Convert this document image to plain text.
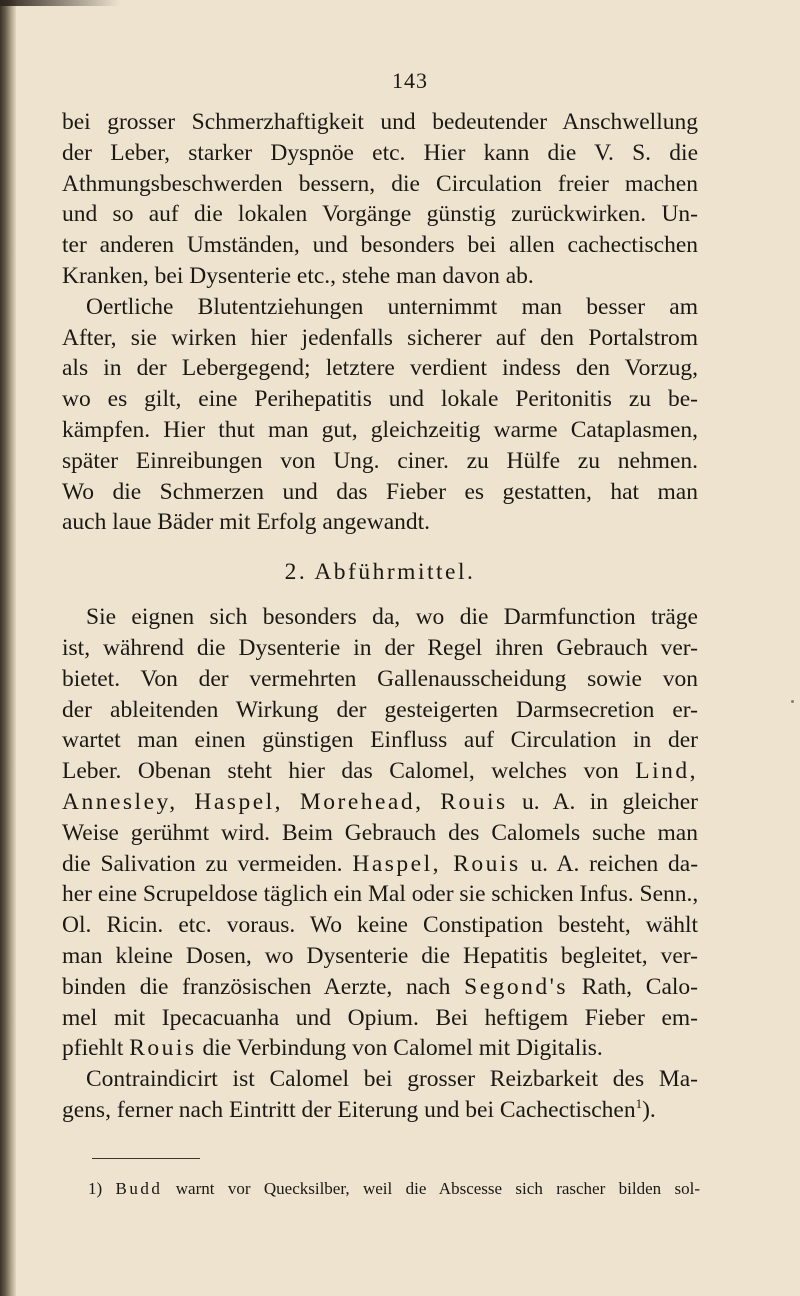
143
bei grosser Schmerzhaftigkeit und bedeutender Anschwellung
der Leber, starker Dyspnöe etc. Hier kann die V. S. die
Athmungsbeschwerden bessern, die Circulation freier machen
und so auf die lokalen Vorgänge günstig zurückwirken. Un-
ter anderen Umständen, und besonders bei allen cachectischen
Kranken, bei Dysenterie etc., stehe man davon ab.
Oertliche Blutentziehungen unternimmt man besser am
After, sie wirken hier jedenfalls sicherer auf den Portalstrom
als in der Lebergegend; letztere verdient indess den Vorzug,
wo es gilt, eine Perihepatitis und lokale Peritonitis zu be-
kämpfen. Hier thut man gut, gleichzeitig warme Cataplasmen,
später Einreibungen von Ung. ciner. zu Hülfe zu nehmen.
Wo die Schmerzen und das Fieber es gestatten, hat man
auch laue Bäder mit Erfolg angewandt.
2. Abführmittel.
Sie eignen sich besonders da, wo die Darmfunction träge
ist, während die Dysenterie in der Regel ihren Gebrauch ver-
bietet. Von der vermehrten Gallenausscheidung sowie von
der ableitenden Wirkung der gesteigerten Darmsecretion er-
wartet man einen günstigen Einfluss auf Circulation in der
Leber. Obenan steht hier das Calomel, welches von Lind,
Annesley, Haspel, Morehead, Rouis u. A. in gleicher
Weise gerühmt wird. Beim Gebrauch des Calomels suche man
die Salivation zu vermeiden. Haspel, Rouis u. A. reichen da-
her eine Scrupeldose täglich ein Mal oder sie schicken Infus. Senn.,
Ol. Ricin. etc. voraus. Wo keine Constipation besteht, wählt
man kleine Dosen, wo Dysenterie die Hepatitis begleitet, ver-
binden die französischen Aerzte, nach Segond's Rath, Calo-
mel mit Ipecacuanha und Opium. Bei heftigem Fieber em-
pfiehlt Rouis die Verbindung von Calomel mit Digitalis.
Contraindicirt ist Calomel bei grosser Reizbarkeit des Ma-
gens, ferner nach Eintritt der Eiterung und bei Cachectischen$^1$).
1) Budd warnt vor Quecksilber, weil die Abscesse sich rascher bilden sol-
